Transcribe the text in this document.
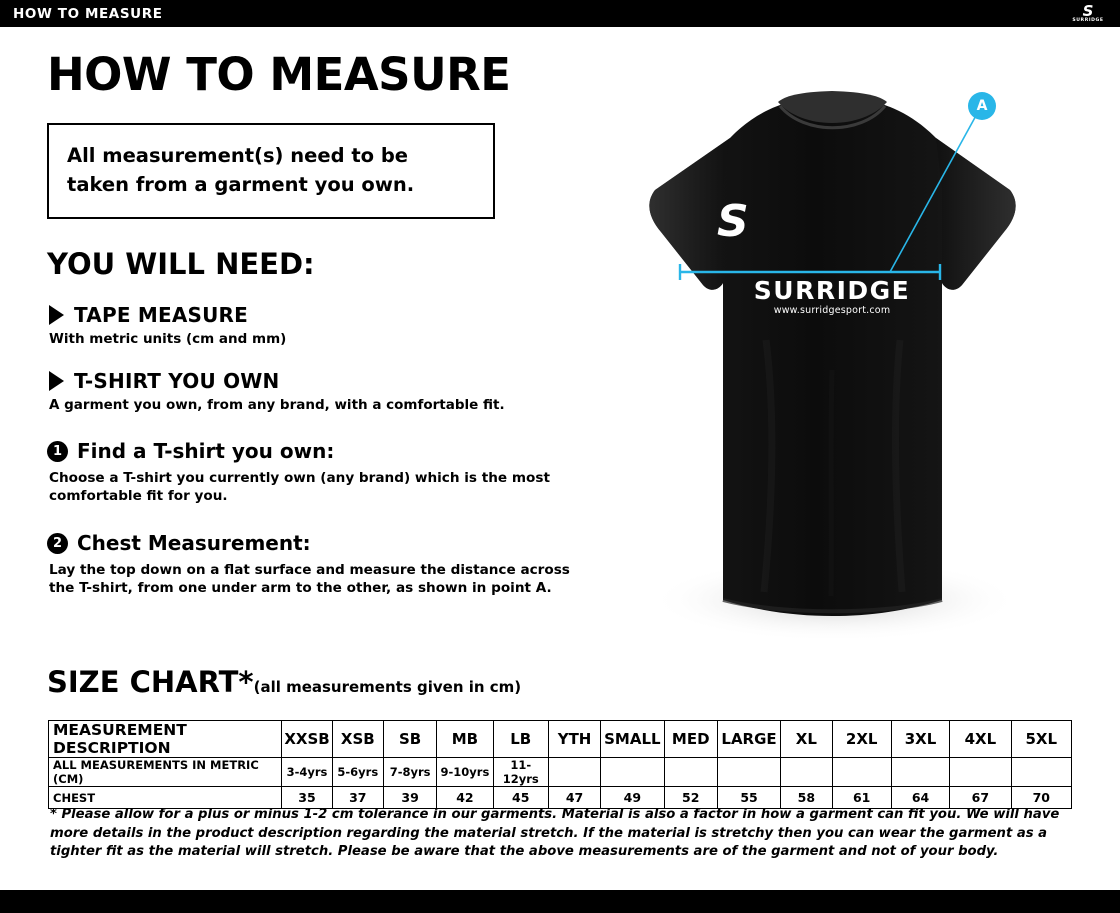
HOW TO MEASURE	S
SURRIDGE
HOW TO MEASURE
All measurement(s) need to be taken from a garment you own.
YOU WILL NEED:
TAPE MEASURE
With metric units (cm and mm)
T-SHIRT YOU OWN
A garment you own, from any brand, with a comfortable fit.
1 Find a T-shirt you own:
Choose a T-shirt you currently own (any brand) which is the most comfortable fit for you.
2 Chest Measurement:
Lay the top down on a flat surface and measure the distance across the T-shirt, from one under arm to the other, as shown in point A.
S
SURRIDGE
www.surridgesport.com
A
SIZE CHART*(all measurements given in cm)
MEASUREMENT DESCRIPTION	XXSB	XSB	SB	MB	LB	YTH	SMALL	MED	LARGE	XL	2XL	3XL	4XL	5XL
ALL MEASUREMENTS IN METRIC (CM)	3-4yrs	5-6yrs	7-8yrs	9-10yrs	11-12yrs									
CHEST	35	37	39	42	45	47	49	52	55	58	61	64	67	70
* Please allow for a plus or minus 1-2 cm tolerance in our garments. Material is also a factor in how a garment can fit you. We will have more details in the product description regarding the material stretch. If the material is stretchy then you can wear the garment as a tighter fit as the material will stretch. Please be aware that the above measurements are of the garment and not of your body.
